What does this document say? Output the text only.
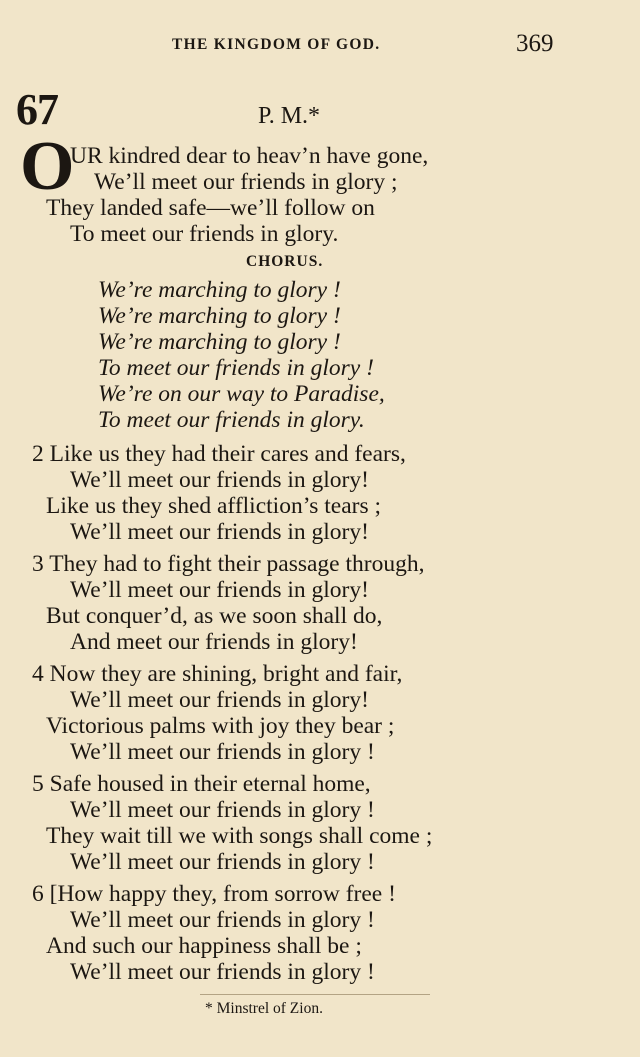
THE KINGDOM OF GOD.	369
67	P. M.*
O
UR kindred dear to heav’n have gone,
We’ll meet our friends in glory ;
They landed safe—we’ll follow on
To meet our friends in glory.
CHORUS.
We’re marching to glory !
We’re marching to glory !
We’re marching to glory !
To meet our friends in glory !
We’re on our way to Paradise,
To meet our friends in glory.
2 Like us they had their cares and fears,
We’ll meet our friends in glory!
Like us they shed affliction’s tears ;
We’ll meet our friends in glory!
3 They had to fight their passage through,
We’ll meet our friends in glory!
But conquer’d, as we soon shall do,
And meet our friends in glory!
4 Now they are shining, bright and fair,
We’ll meet our friends in glory!
Victorious palms with joy they bear ;
We’ll meet our friends in glory !
5 Safe housed in their eternal home,
We’ll meet our friends in glory !
They wait till we with songs shall come ;
We’ll meet our friends in glory !
6 [How happy they, from sorrow free !
We’ll meet our friends in glory !
And such our happiness shall be ;
We’ll meet our friends in glory !
* Minstrel of Zion.
